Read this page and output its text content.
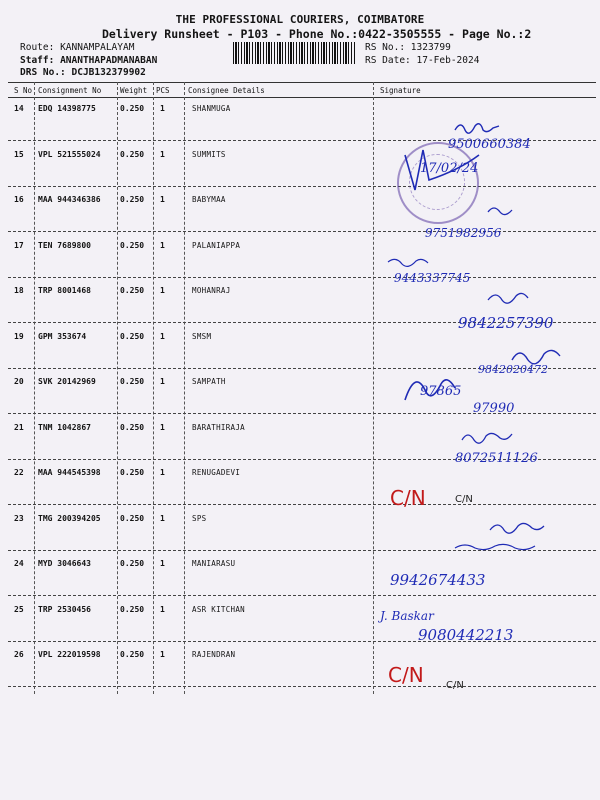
THE PROFESSIONAL COURIERS, COIMBATORE
Delivery Runsheet - P103 - Phone No.:0422-3505555 - Page No.:2
Route: KANNAMPALAYAM
Staff: ANANTHAPADMANABAN
DRS No.: DCJB132379902
RS No.: 1323799
RS Date: 17-Feb-2024
S No Consignment No	Weight PCS Consignee Details	Signature
14 EDQ 14398775	0.250 1	SHANMUGA
15 VPL 521555024 0.250 1	SUMMITS
16 MAA 944346386 0.250 1	BABYMAA
17 TEN 7689800	0.250 1	PALANIAPPA
18 TRP 8001468	0.250 1	MOHANRAJ
19 GPM 353674	0.250 1	SMSM
20 SVK 20142969	0.250 1	SAMPATH
21 TNM 1042867	0.250 1	BARATHIRAJA
22 MAA 944545398 0.250 1	RENUGADEVI
23 TMG 200394205 0.250 1	SPS
24 MYD 3046643	0.250 1	MANIARASU
25 TRP 2530456	0.250 1	ASR KITCHAN
26 VPL 222019598 0.250 1	RAJENDRAN
9500660384
17/02/24
9751982956
9443337745
9842257390
9842020472
97865
97990
8072511126
C/N	C/N
9942674433
J. Baskar
9080442213
C/N C/N
